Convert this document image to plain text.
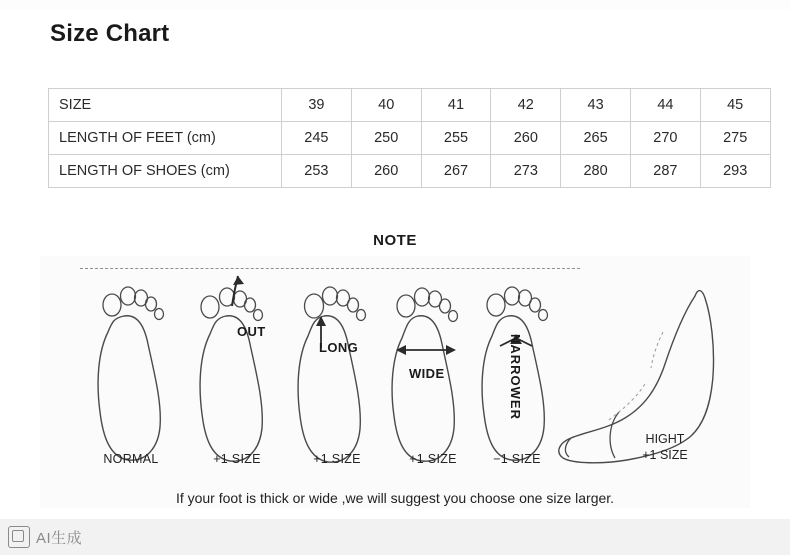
Size Chart
SIZE	39	40	41	42	43	44	45
LENGTH OF FEET (cm)	245	250	255	260	265	270	275
LENGTH OF SHOES (cm)	253	260	267	273	280	287	293
NOTE
NORMAL
OUT
+1 SIZE
LONG
+1 SIZE
WIDE
+1 SIZE
NARROWER
−1 SIZE
HIGHT
+1 SIZE
If your foot is thick or wide ,we will suggest you choose one size larger.
AI生成
